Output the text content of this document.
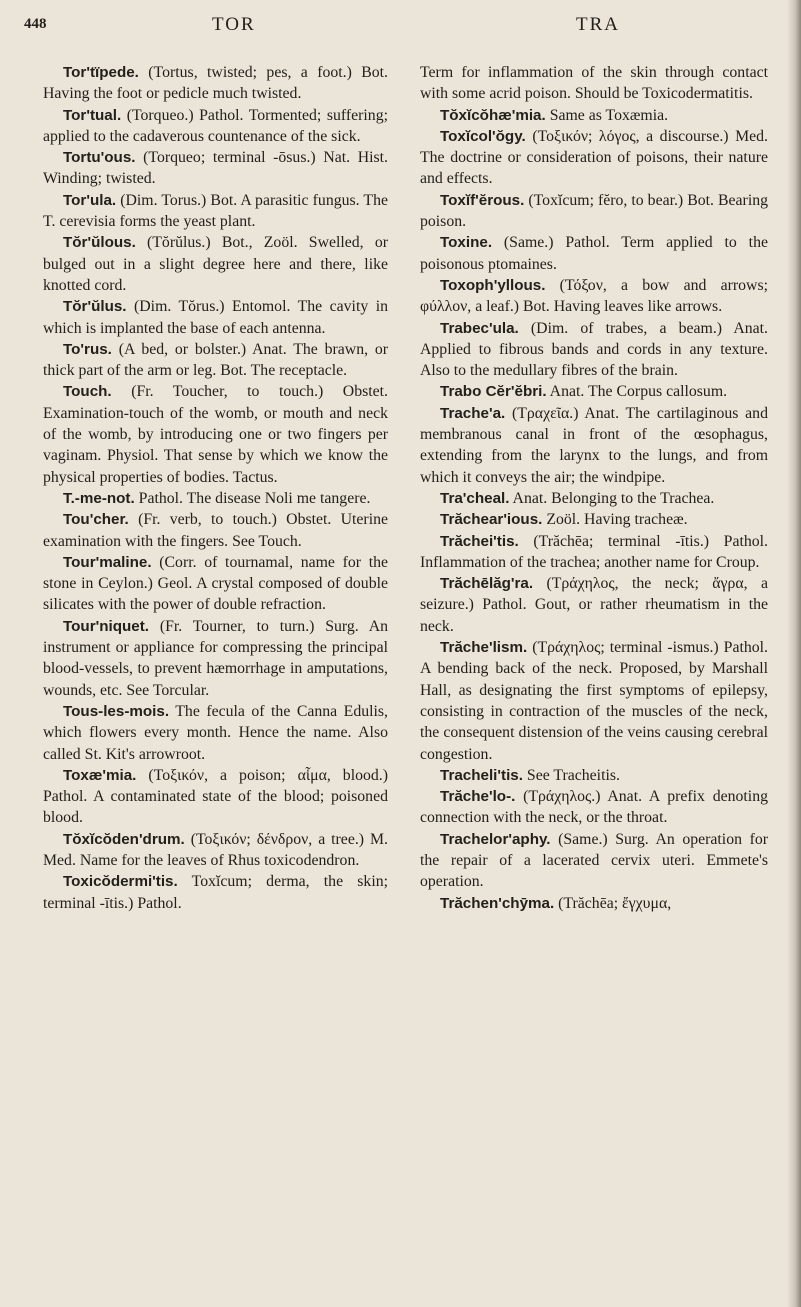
448	TOR	TRA

Tor'tïpede. (Tortus, twisted; pes, a foot.) Bot. Having the foot or pedicle much twisted.

Tor'tual. (Torqueo.) Pathol. Tormented; suffering; applied to the cadaverous countenance of the sick.

Tortu'ous. (Torqueo; terminal -ōsus.) Nat. Hist. Winding; twisted.

Tor'ula. (Dim. Torus.) Bot. A parasitic fungus. The T. cerevisia forms the yeast plant.

Tŏr'ŭlous. (Tŏrŭlus.) Bot., Zoöl. Swelled, or bulged out in a slight degree here and there, like knotted cord.

Tŏr'ŭlus. (Dim. Tŏrus.) Entomol. The cavity in which is implanted the base of each antenna.

To'rus. (A bed, or bolster.) Anat. The brawn, or thick part of the arm or leg. Bot. The receptacle.

Touch. (Fr. Toucher, to touch.) Obstet. Examination-touch of the womb, or mouth and neck of the womb, by introducing one or two fingers per vaginam. Physiol. That sense by which we know the physical properties of bodies. Tactus.

T.-me-not. Pathol. The disease Noli me tangere.

Tou'cher. (Fr. verb, to touch.) Obstet. Uterine examination with the fingers. See Touch.

Tour'maline. (Corr. of tournamal, name for the stone in Ceylon.) Geol. A crystal composed of double silicates with the power of double refraction.

Tour'niquet. (Fr. Tourner, to turn.) Surg. An instrument or appliance for compressing the principal blood-vessels, to prevent hæmorrhage in amputations, wounds, etc. See Torcular.

Tous-les-mois. The fecula of the Canna Edulis, which flowers every month. Hence the name. Also called St. Kit's arrowroot.

Toxæ'mia. (Τοξικόν, a poison; αἷμα, blood.) Pathol. A contaminated state of the blood; poisoned blood.

Tŏxĭcŏden'drum. (Τοξικόν; δένδρον, a tree.) M. Med. Name for the leaves of Rhus toxicodendron.

Toxicŏdermi'tis. Toxĭcum; derma, the skin; terminal -ītis.) Pathol.

Term for inflammation of the skin through contact with some acrid poison. Should be Toxicodermatitis.

Tŏxĭcŏhæ'mia. Same as Toxæmia.

Toxĭcol'ŏgy. (Τοξικόν; λόγος, a discourse.) Med. The doctrine or consideration of poisons, their nature and effects.

Toxĭf'ĕrous. (Toxĭcum; fĕro, to bear.) Bot. Bearing poison.

Toxine. (Same.) Pathol. Term applied to the poisonous ptomaines.

Toxoph'yllous. (Τόξον, a bow and arrows; φύλλον, a leaf.) Bot. Having leaves like arrows.

Trabec'ula. (Dim. of trabes, a beam.) Anat. Applied to fibrous bands and cords in any texture. Also to the medullary fibres of the brain.

Trabo Cĕr'ĕbri. Anat. The Corpus callosum.

Trache'a. (Τραχεῖα.) Anat. The cartilaginous and membranous canal in front of the œsophagus, extending from the larynx to the lungs, and from which it conveys the air; the windpipe.

Tra'cheal. Anat. Belonging to the Trachea.

Trăchear'ious. Zoöl. Having tracheæ.

Trăchei'tis. (Trăchēa; terminal -ītis.) Pathol. Inflammation of the trachea; another name for Croup.

Trăchēlăg'ra. (Τράχηλος, the neck; ἄγρα, a seizure.) Pathol. Gout, or rather rheumatism in the neck.

Trăche'lism. (Τράχηλος; terminal -ismus.) Pathol. A bending back of the neck. Proposed, by Marshall Hall, as designating the first symptoms of epilepsy, consisting in contraction of the muscles of the neck, the consequent distension of the veins causing cerebral congestion.

Tracheli'tis. See Tracheitis.

Trăche'lo-. (Τράχηλος.) Anat. A prefix denoting connection with the neck, or the throat.

Trachelor'aphy. (Same.) Surg. An operation for the repair of a lacerated cervix uteri. Emmete's operation.

Trăchen'chȳma. (Trăchēa; ἔγχυμα,
